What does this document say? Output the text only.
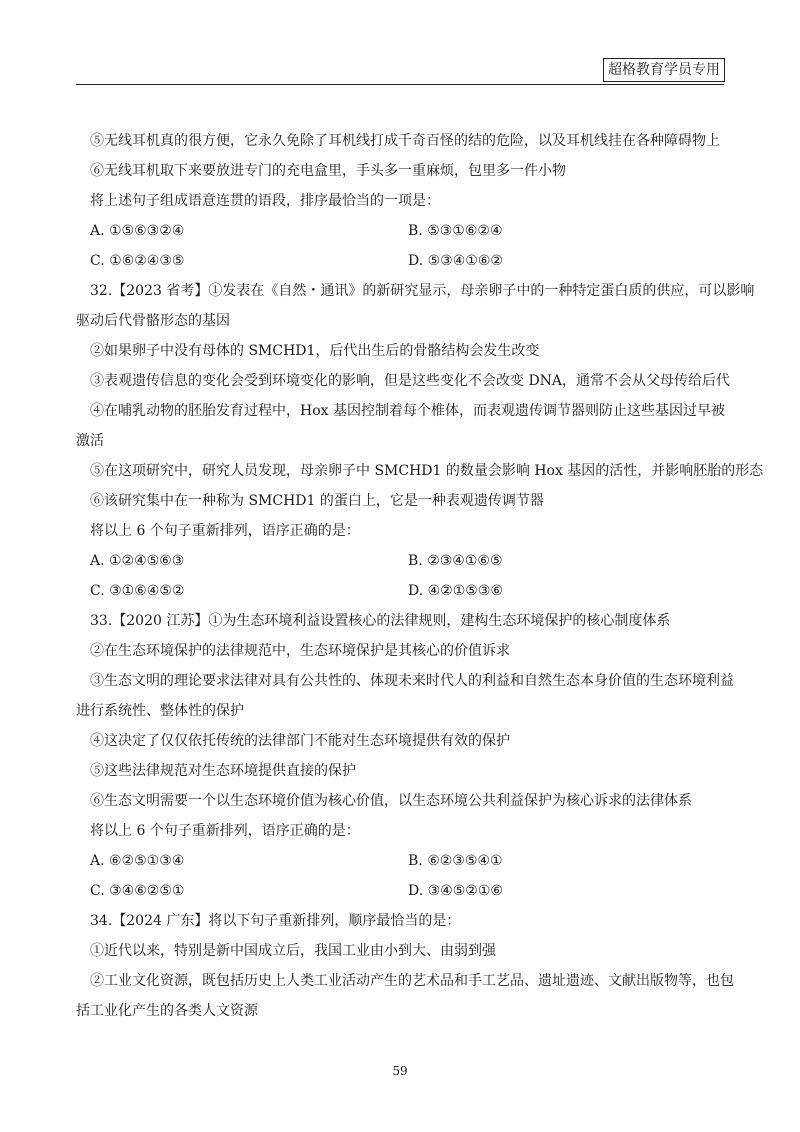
超格教育学员专用
⑤无线耳机真的很方便，它永久免除了耳机线打成千奇百怪的结的危险，以及耳机线挂在各种障碍物上
⑥无线耳机取下来要放进专门的充电盒里，手头多一重麻烦，包里多一件小物
将上述句子组成语意连贯的语段，排序最恰当的一项是：
A. ①⑤⑥③②④	B. ⑤③①⑥②④
C. ①⑥②④③⑤	D. ⑤③④①⑥②
32.【2023 省考】①发表在《自然・通讯》的新研究显示，母亲卵子中的一种特定蛋白质的供应，可以影响
驱动后代骨骼形态的基因
②如果卵子中没有母体的 SMCHD1，后代出生后的骨骼结构会发生改变
③表观遗传信息的变化会受到环境变化的影响，但是这些变化不会改变 DNA，通常不会从父母传给后代
④在哺乳动物的胚胎发育过程中，Hox 基因控制着每个椎体，而表观遗传调节器则防止这些基因过早被
激活
⑤在这项研究中，研究人员发现，母亲卵子中 SMCHD1 的数量会影响 Hox 基因的活性，并影响胚胎的形态
⑥该研究集中在一种称为 SMCHD1 的蛋白上，它是一种表观遗传调节器
将以上 6 个句子重新排列，语序正确的是：
A. ①②④⑤⑥③	B. ②③④①⑥⑤
C. ③①⑥④⑤②	D. ④②①⑤③⑥
33.【2020 江苏】①为生态环境利益设置核心的法律规则，建构生态环境保护的核心制度体系
②在生态环境保护的法律规范中，生态环境保护是其核心的价值诉求
③生态文明的理论要求法律对具有公共性的、体现未来时代人的利益和自然生态本身价值的生态环境利益
进行系统性、整体性的保护
④这决定了仅仅依托传统的法律部门不能对生态环境提供有效的保护
⑤这些法律规范对生态环境提供直接的保护
⑥生态文明需要一个以生态环境价值为核心价值，以生态环境公共利益保护为核心诉求的法律体系
将以上 6 个句子重新排列，语序正确的是：
A. ⑥②⑤①③④	B. ⑥②③⑤④①
C. ③④⑥②⑤①	D. ③④⑤②①⑥
34.【2024 广东】将以下句子重新排列，顺序最恰当的是：
①近代以来，特别是新中国成立后，我国工业由小到大、由弱到强
②工业文化资源，既包括历史上人类工业活动产生的艺术品和手工艺品、遗址遗迹、文献出版物等，也包
括工业化产生的各类人文资源
59
